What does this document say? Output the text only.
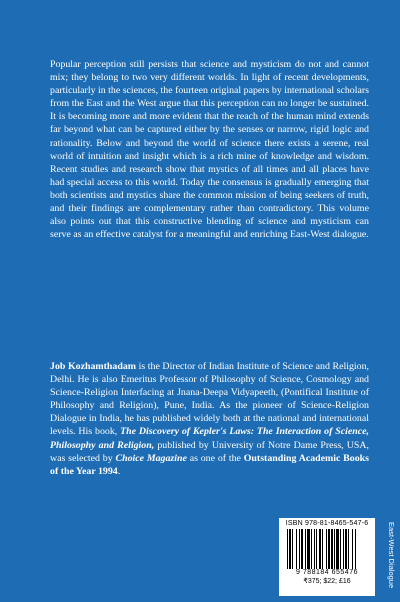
Popular perception still persists that science and mysticism do not and cannot mix; they belong to two very different worlds. In light of recent developments, particularly in the sciences, the fourteen original papers by international scholars from the East and the West argue that this perception can no longer be sustained. It is becoming more and more evident that the reach of the human mind extends far beyond what can be captured either by the senses or narrow, rigid logic and rationality. Below and beyond the world of science there exists a serene, real world of intuition and insight which is a rich mine of knowledge and wisdom. Recent studies and research show that mystics of all times and all places have had special access to this world. Today the consensus is gradually emerging that both scientists and mystics share the common mission of being seekers of truth, and their findings are complementary rather than contradictory. This volume also points out that this constructive blending of science and mysticism can serve as an effective catalyst for a meaningful and enriching East-West dialogue.

Job Kozhamthadam is the Director of Indian Institute of Science and Religion, Delhi. He is also Emeritus Professor of Philosophy of Science, Cosmology and Science-Religion Interfacing at Jnana-Deepa Vidyapeeth, (Pontifical Institute of Philosophy and Religion), Pune, India. As the pioneer of Science-Religion Dialogue in India, he has published widely both at the national and international levels. His book, The Discovery of Kepler's Laws: The Interaction of Science, Philosophy and Religion, published by University of Notre Dame Press, USA, was selected by Choice Magazine as one of the Outstanding Academic Books of the Year 1994.

ISBN 978-81-8465-547-6
9 788184 655476
₹375; $22; £16	East-West Dialogue
